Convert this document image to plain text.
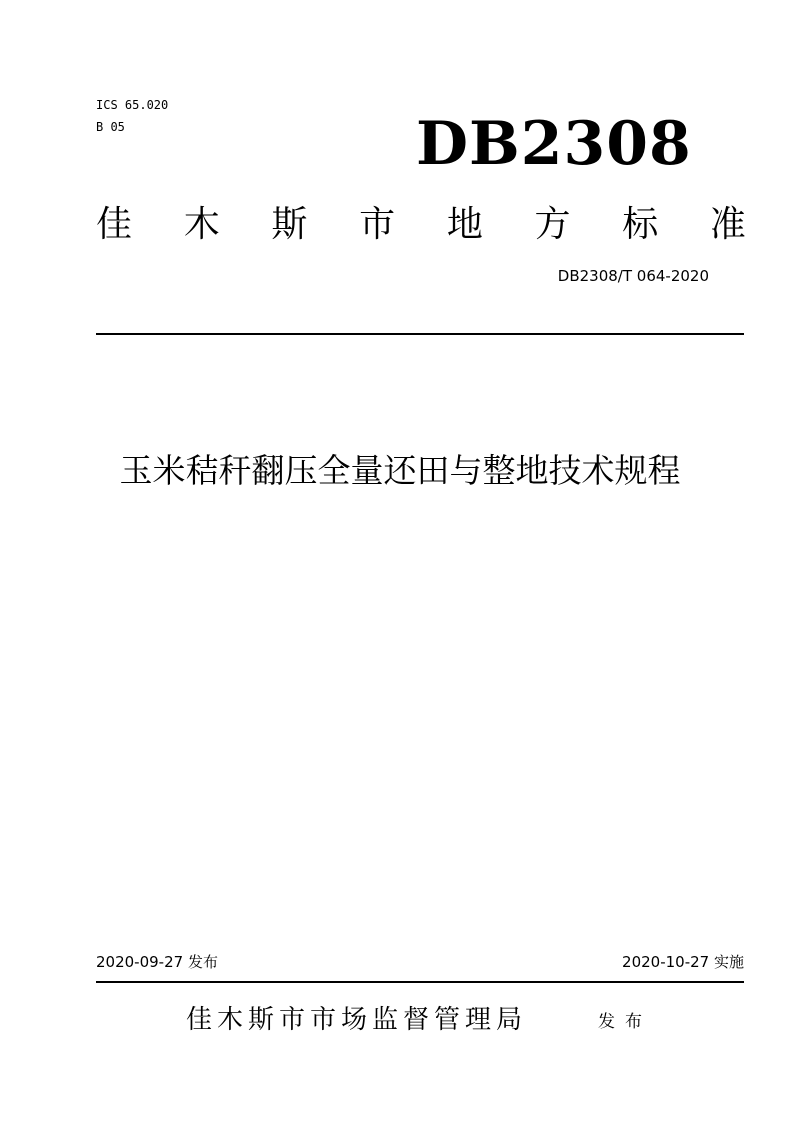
ICS 65.020
B 05	DB2308
佳 木 斯 市 地 方 标 准
DB2308/T 064-2020
玉米秸秆翻压全量还田与整地技术规程
2020-09-27 发布	2020-10-27 实施
佳木斯市市场监督管理局	发布
